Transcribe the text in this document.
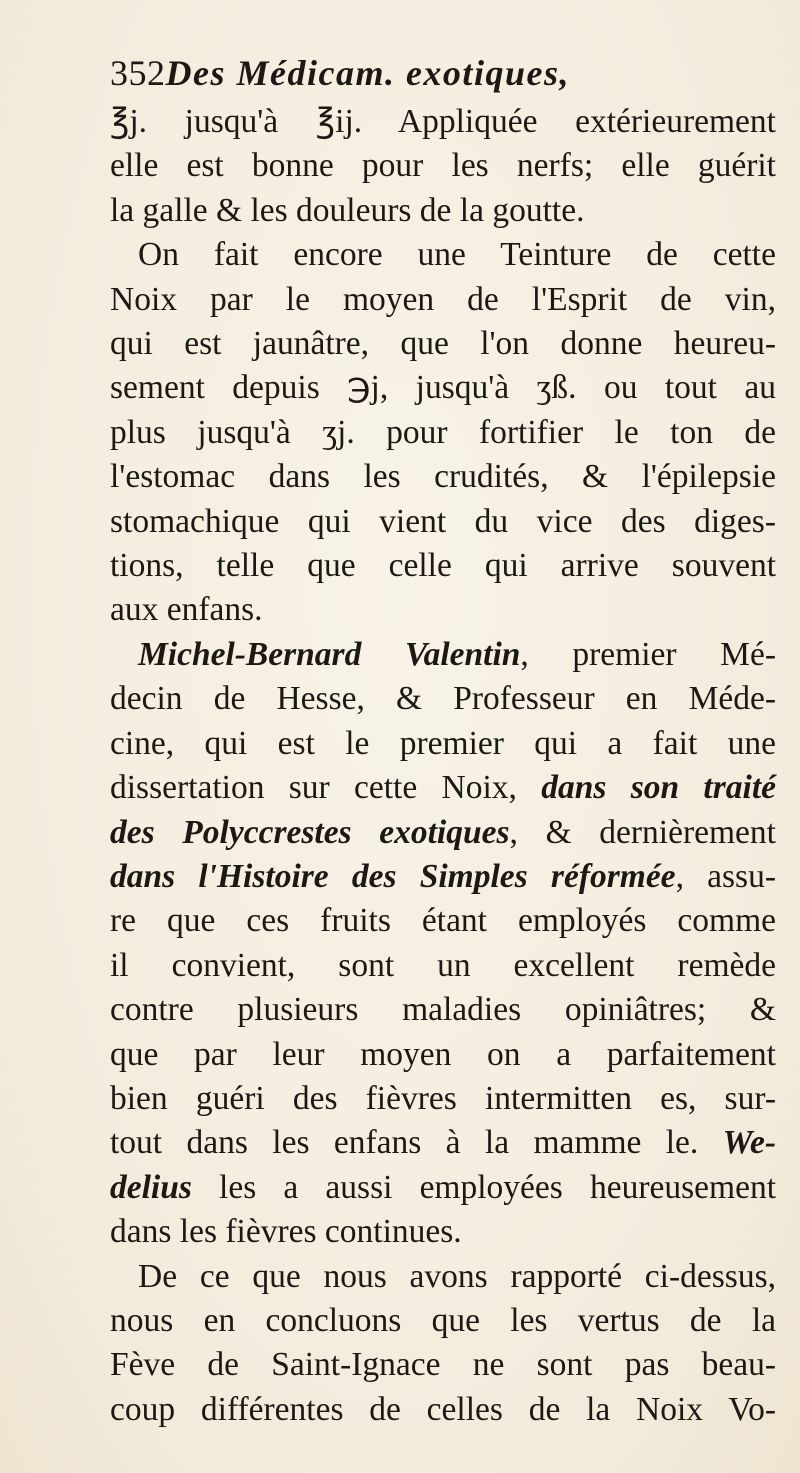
352Des Médicam. exotiques,
℥j. jusqu'à ℥ij. Appliquée extérieurement
elle est bonne pour les nerfs; elle guérit
la galle & les douleurs de la goutte.
On fait encore une Teinture de cette
Noix par le moyen de l'Esprit de vin,
qui est jaunâtre, que l'on donne heureu-
sement depuis ℈j, jusqu'à ʒß. ou tout au
plus jusqu'à ʒj. pour fortifier le ton de
l'estomac dans les crudités, & l'épilepsie
stomachique qui vient du vice des diges-
tions, telle que celle qui arrive souvent
aux enfans.
Michel-Bernard Valentin, premier Mé-
decin de Hesse, & Professeur en Méde-
cine, qui est le premier qui a fait une
dissertation sur cette Noix, dans son traité
des Polyccrestes exotiques, & dernièrement
dans l'Histoire des Simples réformée, assu-
re que ces fruits étant employés comme
il convient, sont un excellent remède
contre plusieurs maladies opiniâtres; &
que par leur moyen on a parfaitement
bien guéri des fièvres intermitten es, sur-
tout dans les enfans à la mamme le. We-
delius les a aussi employées heureusement
dans les fièvres continues.
De ce que nous avons rapporté ci-dessus,
nous en concluons que les vertus de la
Fève de Saint-Ignace ne sont pas beau-
coup différentes de celles de la Noix Vo-
